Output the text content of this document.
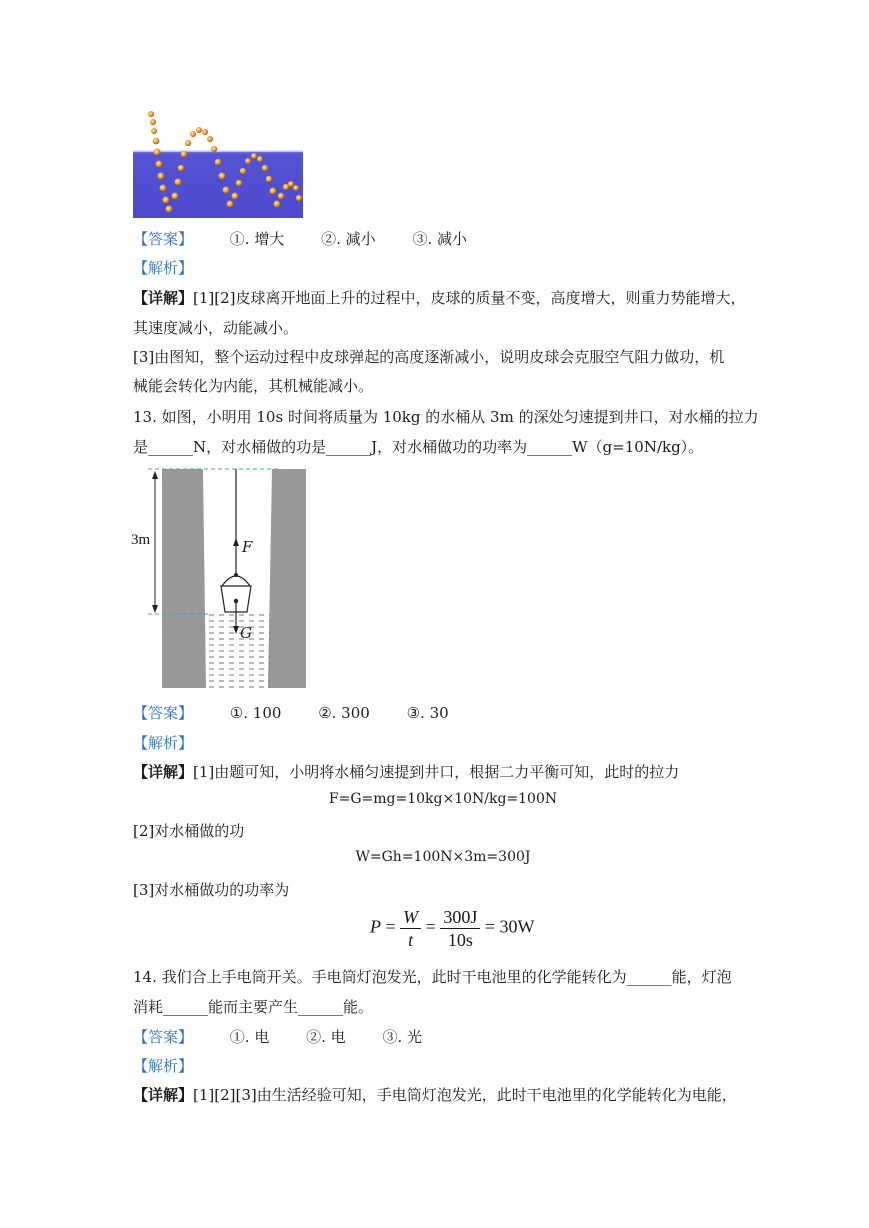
【答案】 ①. 增大 ②. 减小 ③. 减小
【解析】
【详解】[1][2]皮球离开地面上升的过程中，皮球的质量不变，高度增大，则重力势能增大，
其速度减小，动能减小。
[3]由图知，整个运动过程中皮球弹起的高度逐渐减小，说明皮球会克服空气阻力做功，机
械能会转化为内能，其机械能减小。
13. 如图，小明用 10s 时间将质量为 10kg 的水桶从 3m 的深处匀速提到井口，对水桶的拉力
是______N，对水桶做的功是______J，对水桶做功的功率为______W（g=10N/kg）。
3m	F
G
【答案】 ①. 100 ②. 300 ③. 30
【解析】
【详解】[1]由题可知，小明将水桶匀速提到井口，根据二力平衡可知，此时的拉力
F=G=mg=10kg×10N/kg=100N
[2]对水桶做的功
W=Gh=100N×3m=300J
[3]对水桶做功的功率为
$P = \frac{W}{t} = \frac{300J}{10s} = 30W$
14. 我们合上手电筒开关。手电筒灯泡发光，此时干电池里的化学能转化为______能，灯泡
消耗______能而主要产生______能。
【答案】 ①. 电 ②. 电 ③. 光
【解析】
【详解】[1][2][3]由生活经验可知，手电筒灯泡发光，此时干电池里的化学能转化为电能，
